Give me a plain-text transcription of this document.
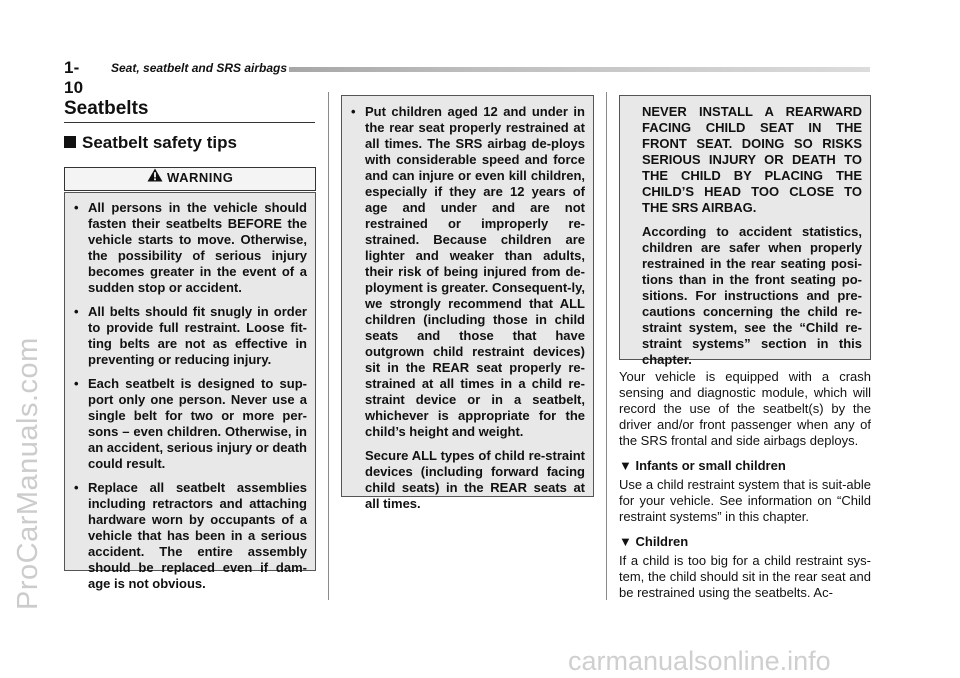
1-10
Seat, seatbelt and SRS airbags
ProCarManuals.com
carmanualsonline.info
Seatbelts
Seatbelt safety tips
WARNING
• All persons in the vehicle should fasten their seatbelts BEFORE the vehicle starts to move. Otherwise, the possibility of serious injury becomes greater in the event of a sudden stop or accident.
• All belts should fit snugly in order to provide full restraint. Loose fit-ting belts are not as effective in preventing or reducing injury.
• Each seatbelt is designed to sup-port only one person. Never use a single belt for two or more per-sons – even children. Otherwise, in an accident, serious injury or death could result.
• Replace all seatbelt assemblies including retractors and attaching hardware worn by occupants of a vehicle that has been in a serious accident. The entire assembly should be replaced even if dam-age is not obvious.
• Put children aged 12 and under in the rear seat properly restrained at all times. The SRS airbag de-ploys with considerable speed and force and can injure or even kill children, especially if they are 12 years of age and under and are not restrained or improperly re-strained. Because children are lighter and weaker than adults, their risk of being injured from de-ployment is greater. Consequent-ly, we strongly recommend that ALL children (including those in child seats and those that have outgrown child restraint devices) sit in the REAR seat properly re-strained at all times in a child re-straint device or in a seatbelt, whichever is appropriate for the child’s height and weight.
Secure ALL types of child re-straint devices (including forward facing child seats) in the REAR seats at all times.
NEVER INSTALL A REARWARD FACING CHILD SEAT IN THE FRONT SEAT. DOING SO RISKS SERIOUS INJURY OR DEATH TO THE CHILD BY PLACING THE CHILD’S HEAD TOO CLOSE TO THE SRS AIRBAG.
According to accident statistics, children are safer when properly restrained in the rear seating posi-tions than in the front seating po-sitions. For instructions and pre-cautions concerning the child re-straint system, see the “Child re-straint systems” section in this chapter.

Your vehicle is equipped with a crash sensing and diagnostic module, which will record the use of the seatbelt(s) by the driver and/or front passenger when any of the SRS frontal and side airbags deploys.

▼ Infants or small children

Use a child restraint system that is suit-able for your vehicle. See information on “Child restraint systems” in this chapter.

▼ Children

If a child is too big for a child restraint sys-tem, the child should sit in the rear seat and be restrained using the seatbelts. Ac-
